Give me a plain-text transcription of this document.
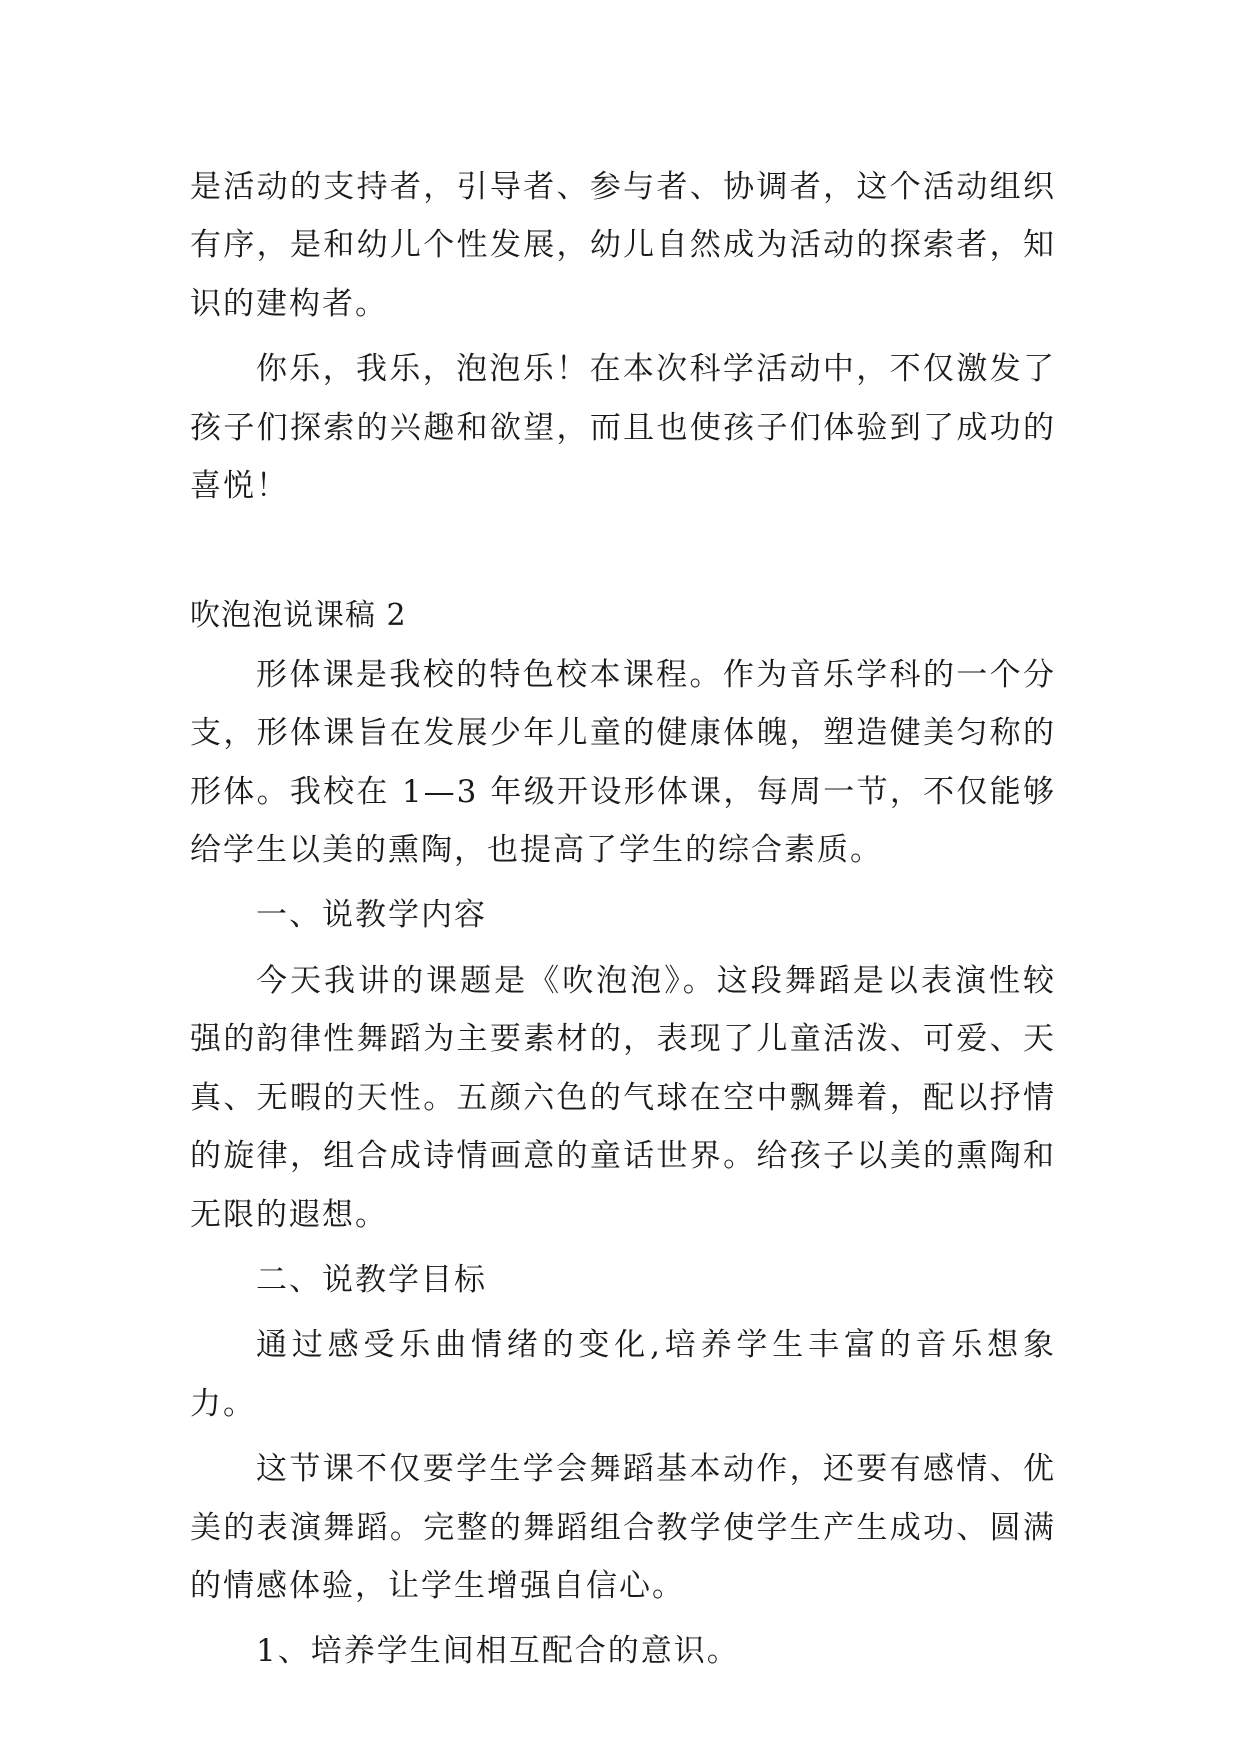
是活动的支持者，引导者、参与者、协调者，这个活动组织有序，是和幼儿个性发展，幼儿自然成为活动的探索者，知识的建构者。

你乐，我乐，泡泡乐！在本次科学活动中，不仅激发了孩子们探索的兴趣和欲望，而且也使孩子们体验到了成功的喜悦！

吹泡泡说课稿 2

形体课是我校的特色校本课程。作为音乐学科的一个分支，形体课旨在发展少年儿童的健康体魄，塑造健美匀称的形体。我校在 1—3 年级开设形体课，每周一节，不仅能够给学生以美的熏陶，也提高了学生的综合素质。

一、说教学内容

今天我讲的课题是《吹泡泡》。这段舞蹈是以表演性较强的韵律性舞蹈为主要素材的，表现了儿童活泼、可爱、天真、无暇的天性。五颜六色的气球在空中飘舞着，配以抒情的旋律，组合成诗情画意的童话世界。给孩子以美的熏陶和无限的遐想。

二、说教学目标

通过感受乐曲情绪的变化,培养学生丰富的音乐想象力。

这节课不仅要学生学会舞蹈基本动作，还要有感情、优美的表演舞蹈。完整的舞蹈组合教学使学生产生成功、圆满的情感体验，让学生增强自信心。

1、培养学生间相互配合的意识。
